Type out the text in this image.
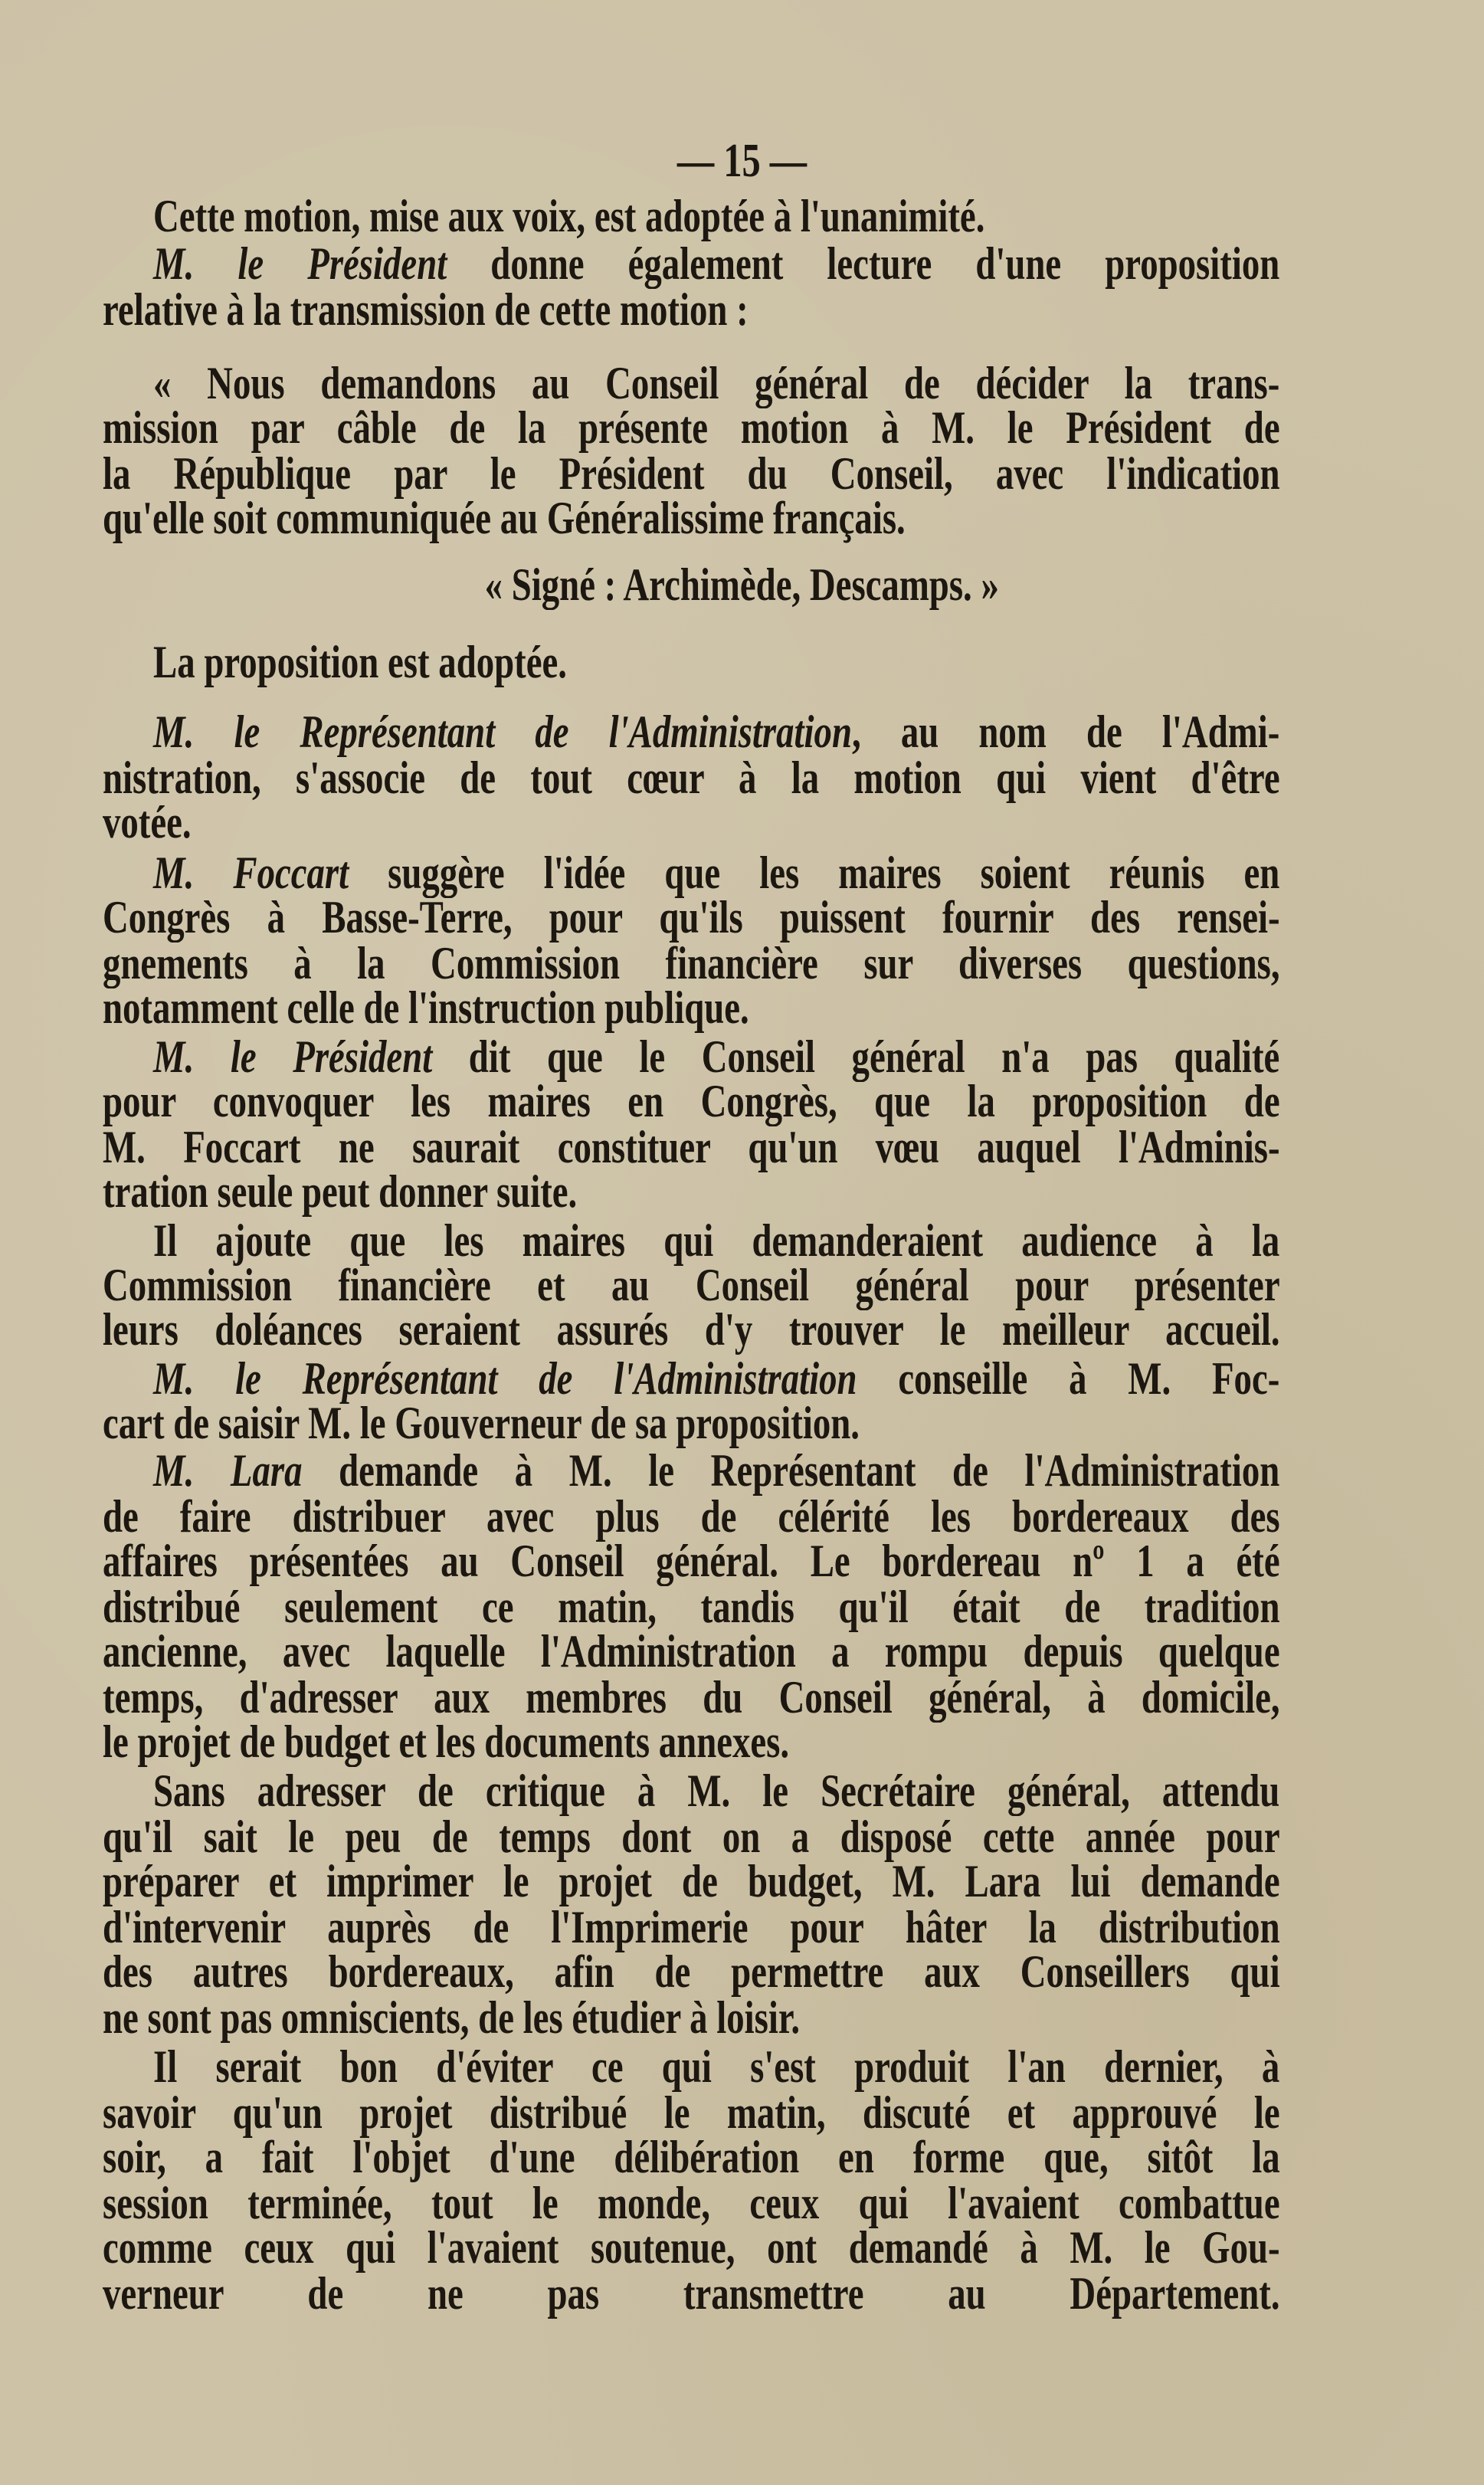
— 15 —
Cette motion, mise aux voix, est adoptée à l'unanimité.
M. le Président donne également lecture d'une proposition
relative à la transmission de cette motion :
« Nous demandons au Conseil général de décider la trans-
mission par câble de la présente motion à M. le Président de
la République par le Président du Conseil, avec l'indication
qu'elle soit communiquée au Généralissime français.
« Signé : Archimède, Descamps. »
La proposition est adoptée.
M. le Représentant de l'Administration, au nom de l'Admi-
nistration, s'associe de tout cœur à la motion qui vient d'être
votée.
M. Foccart suggère l'idée que les maires soient réunis en
Congrès à Basse-Terre, pour qu'ils puissent fournir des rensei-
gnements à la Commission financière sur diverses questions,
notamment celle de l'instruction publique.
M. le Président dit que le Conseil général n'a pas qualité
pour convoquer les maires en Congrès, que la proposition de
M. Foccart ne saurait constituer qu'un vœu auquel l'Adminis-
tration seule peut donner suite.
Il ajoute que les maires qui demanderaient audience à la
Commission financière et au Conseil général pour présenter
leurs doléances seraient assurés d'y trouver le meilleur accueil.
M. le Représentant de l'Administration conseille à M. Foc-
cart de saisir M. le Gouverneur de sa proposition.
M. Lara demande à M. le Représentant de l'Administration
de faire distribuer avec plus de célérité les bordereaux des
affaires présentées au Conseil général. Le bordereau nº 1 a été
distribué seulement ce matin, tandis qu'il était de tradition
ancienne, avec laquelle l'Administration a rompu depuis quelque
temps, d'adresser aux membres du Conseil général, à domicile,
le projet de budget et les documents annexes.
Sans adresser de critique à M. le Secrétaire général, attendu
qu'il sait le peu de temps dont on a disposé cette année pour
préparer et imprimer le projet de budget, M. Lara lui demande
d'intervenir auprès de l'Imprimerie pour hâter la distribution
des autres bordereaux, afin de permettre aux Conseillers qui
ne sont pas omniscients, de les étudier à loisir.
Il serait bon d'éviter ce qui s'est produit l'an dernier, à
savoir qu'un projet distribué le matin, discuté et approuvé le
soir, a fait l'objet d'une délibération en forme que, sitôt la
session terminée, tout le monde, ceux qui l'avaient combattue
comme ceux qui l'avaient soutenue, ont demandé à M. le Gou-
verneur de ne pas transmettre au Département.
